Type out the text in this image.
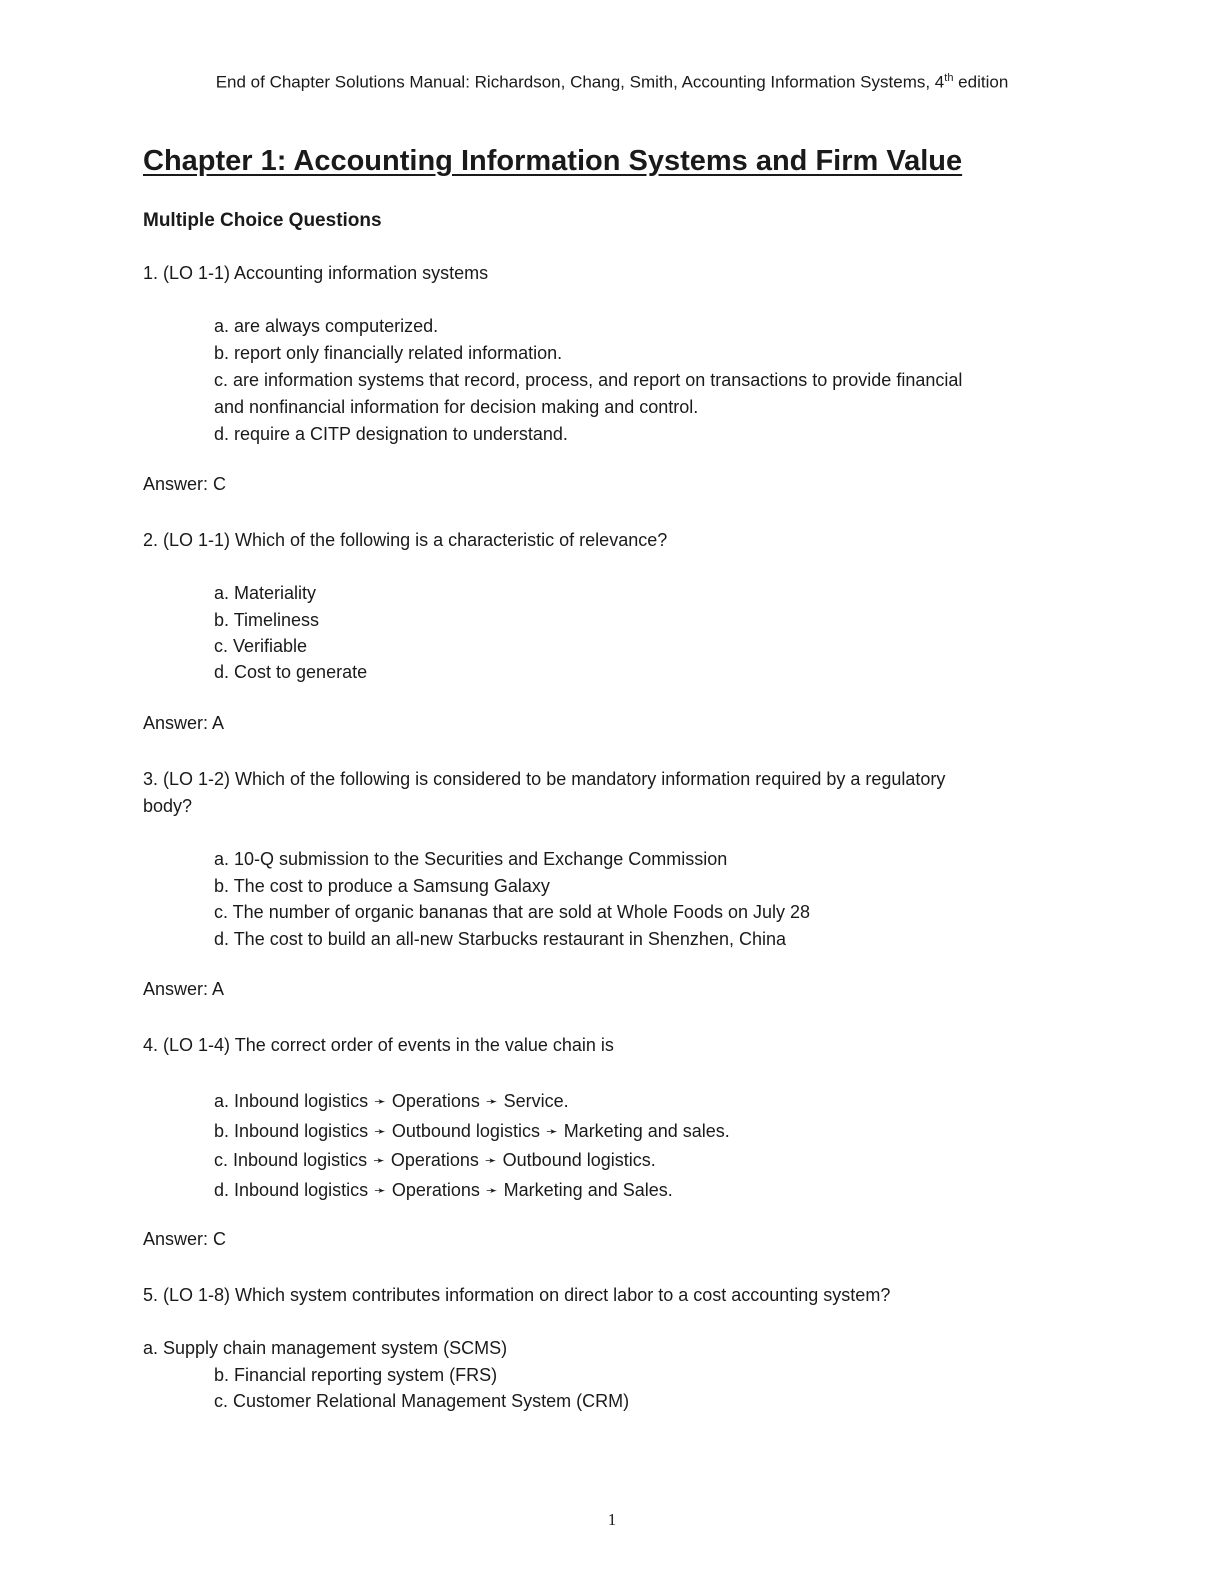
End of Chapter Solutions Manual: Richardson, Chang, Smith, Accounting Information Systems, 4th edition
Chapter 1: Accounting Information Systems and Firm Value
Multiple Choice Questions
1. (LO 1-1) Accounting information systems
a. are always computerized.
b. report only financially related information.
c. are information systems that record, process, and report on transactions to provide financial and nonfinancial information for decision making and control.
d. require a CITP designation to understand.
Answer: C
2. (LO 1-1) Which of the following is a characteristic of relevance?
a. Materiality
b. Timeliness
c. Verifiable
d. Cost to generate
Answer: A
3. (LO 1-2) Which of the following is considered to be mandatory information required by a regulatory body?
a. 10-Q submission to the Securities and Exchange Commission
b. The cost to produce a Samsung Galaxy
c. The number of organic bananas that are sold at Whole Foods on July 28
d. The cost to build an all-new Starbucks restaurant in Shenzhen, China
Answer: A
4. (LO 1-4) The correct order of events in the value chain is
a. Inbound logistics ➛ Operations ➛ Service.
b. Inbound logistics ➛ Outbound logistics ➛ Marketing and sales.
c. Inbound logistics ➛ Operations ➛ Outbound logistics.
d. Inbound logistics ➛ Operations ➛ Marketing and Sales.
Answer: C
5. (LO 1-8) Which system contributes information on direct labor to a cost accounting system?
a. Supply chain management system (SCMS)
b. Financial reporting system (FRS)
c. Customer Relational Management System (CRM)
1
